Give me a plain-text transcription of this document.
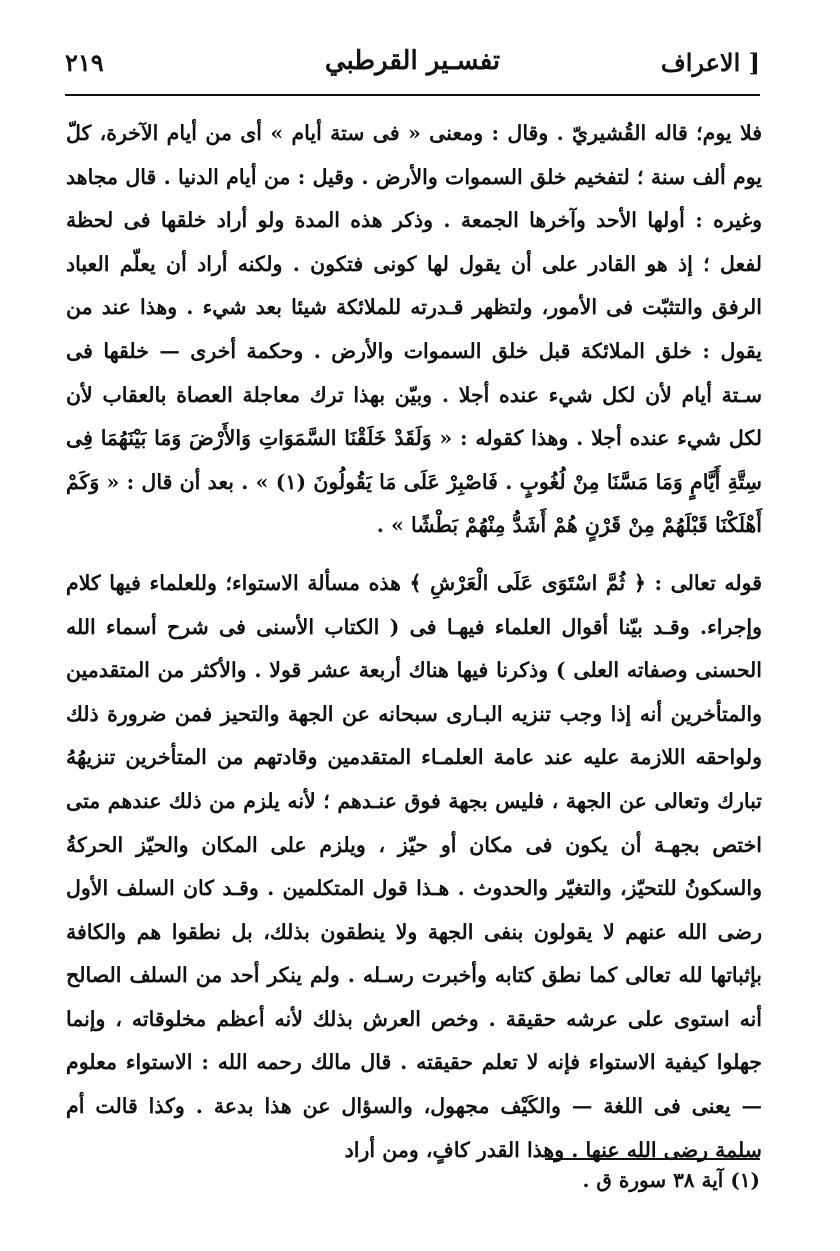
[ الاعراف
تفسـير القرطبي
٢١٩

فلا يوم؛ قاله القُشيريّ . وقال : ومعنى « فى ستة أيام » أى من أيام الآخرة، كلّ يوم ألف سنة ؛ لتفخيم خلق السموات والأرض . وقيل : من أيام الدنيا . قال مجاهد وغيره : أولها الأحد وآخرها الجمعة . وذكر هذه المدة ولو أراد خلقها فى لحظة لفعل ؛ إذ هو القادر على أن يقول لها كونى فتكون . ولكنه أراد أن يعلّم العباد الرفق والتثبّت فى الأمور، ولتظهر قـدرته للملائكة شيئا بعد شيء . وهذا عند من يقول : خلق الملائكة قبل خلق السموات والأرض . وحكمة أخرى — خلقها فى سـتة أيام لأن لكل شيء عنده أجلا . وبيّن بهذا ترك معاجلة العصاة بالعقاب لأن لكل شيء عنده أجلا . وهذا كقوله : « وَلَقَدْ خَلَقْنَا السَّمَوَاتِ وَالأَرْضَ وَمَا بَيْنَهُمَا فِى سِتَّةِ أَيَّامٍ وَمَا مَسَّنَا مِنْ لُغُوبٍ . فَاصْبِرْ عَلَى مَا يَقُولُونَ (١) » . بعد أن قال : « وَكَمْ أَهْلَكْنَا قَبْلَهُمْ مِنْ قَرْنٍ هُمْ أَشَدُّ مِنْهُمْ بَطْشًا » .

قوله تعالى : ﴿ ثُمَّ اسْتَوَى عَلَى الْعَرْشِ ﴾ هذه مسألة الاستواء؛ وللعلماء فيها كلام وإجراء. وقـد بيّنا أقوال العلماء فيهـا فى ( الكتاب الأسنى فى شرح أسماء الله الحسنى وصفاته العلى ) وذكرنا فيها هناك أربعة عشر قولا . والأكثر من المتقدمين والمتأخرين أنه إذا وجب تنزيه البـارى سبحانه عن الجهة والتحيز فمن ضرورة ذلك ولواحقه اللازمة عليه عند عامة العلمـاء المتقدمين وقادتهم من المتأخرين تنزيهُهُ تبارك وتعالى عن الجهة ، فليس بجهة فوق عنـدهم ؛ لأنه يلزم من ذلك عندهم متى اختص بجهـة أن يكون فى مكان أو حيّز ، ويلزم على المكان والحيّز الحركةُ والسكونُ للتحيّز، والتغيّر والحدوث . هـذا قول المتكلمين . وقـد كان السلف الأول رضى الله عنهم لا يقولون بنفى الجهة ولا ينطقون بذلك، بل نطقوا هم والكافة بإثباتها لله تعالى كما نطق كتابه وأخبرت رسـله . ولم ينكر أحد من السلف الصالح أنه استوى على عرشه حقيقة . وخص العرش بذلك لأنه أعظم مخلوقاته ، وإنما جهلوا كيفية الاستواء فإنه لا تعلم حقيقته . قال مالك رحمه الله : الاستواء معلوم — يعنى فى اللغة — والكَيْف مجهول، والسؤال عن هذا بدعة . وكذا قالت أم سلمة رضى الله عنها . وهذا القدر كافٍ، ومن أراد

(١) آية ٣٨ سورة ق .
